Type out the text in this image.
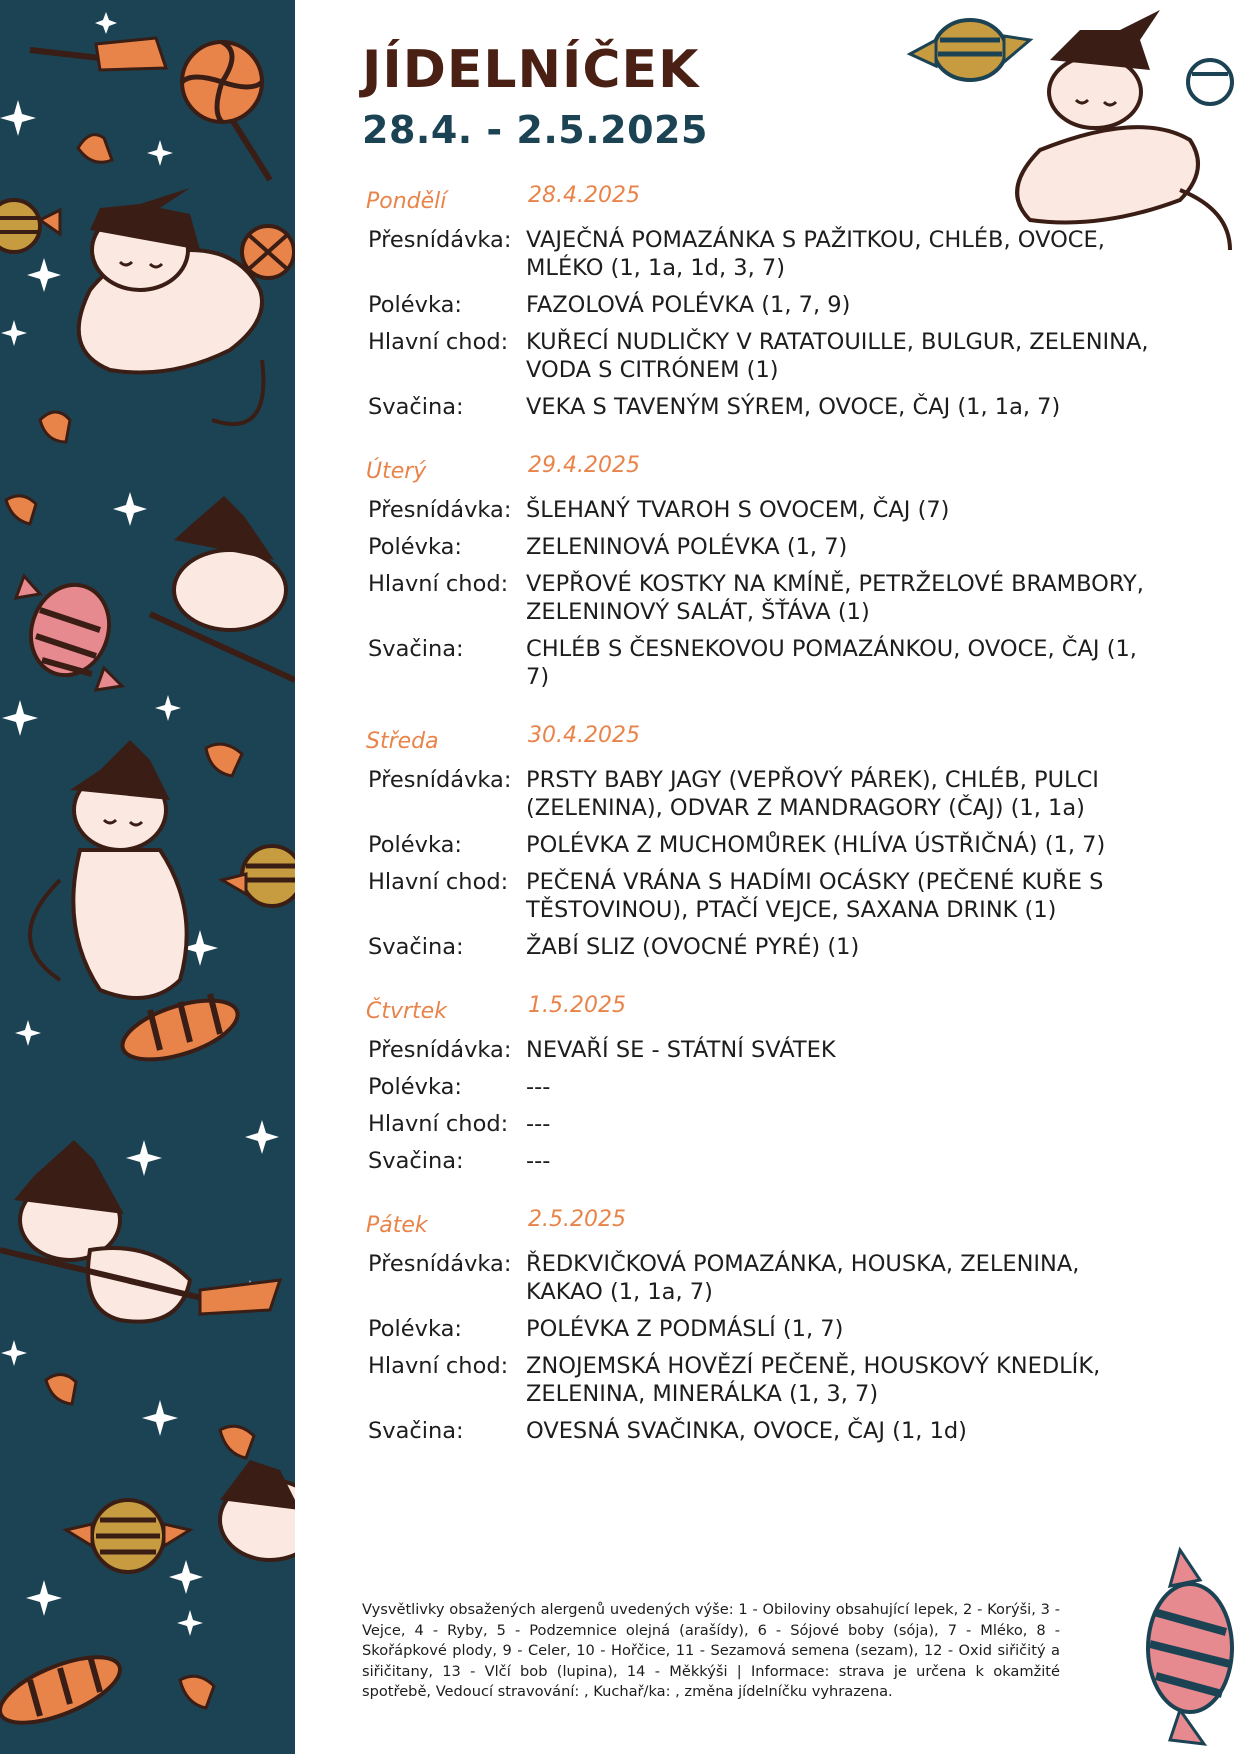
JÍDELNÍČEK
28.4. - 2.5.2025
Pondělí	28.4.2025
Přesnídávka: VAJEČNÁ POMAZÁNKA S PAŽITKOU, CHLÉB, OVOCE, MLÉKO (1, 1a, 1d, 3, 7)
Polévka:	FAZOLOVÁ POLÉVKA (1, 7, 9)
Hlavní chod: KUŘECÍ NUDLIČKY V RATATOUILLE, BULGUR, ZELENINA, VODA S CITRÓNEM (1)
Svačina:	VEKA S TAVENÝM SÝREM, OVOCE, ČAJ (1, 1a, 7)
Úterý	29.4.2025
Přesnídávka: ŠLEHANÝ TVAROH S OVOCEM, ČAJ (7)
Polévka:	ZELENINOVÁ POLÉVKA (1, 7)
Hlavní chod: VEPŘOVÉ KOSTKY NA KMÍNĚ, PETRŽELOVÉ BRAMBORY, ZELENINOVÝ SALÁT, ŠŤÁVA (1)
Svačina:	CHLÉB S ČESNEKOVOU POMAZÁNKOU, OVOCE, ČAJ (1, 7)
Středa	30.4.2025
Přesnídávka: PRSTY BABY JAGY (VEPŘOVÝ PÁREK), CHLÉB, PULCI (ZELENINA), ODVAR Z MANDRAGORY (ČAJ) (1, 1a)
Polévka:	POLÉVKA Z MUCHOMŮREK (HLÍVA ÚSTŘIČNÁ) (1, 7)
Hlavní chod: PEČENÁ VRÁNA S HADÍMI OCÁSKY (PEČENÉ KUŘE S TĚSTOVINOU), PTAČÍ VEJCE, SAXANA DRINK (1)
Svačina:	ŽABÍ SLIZ (OVOCNÉ PYRÉ) (1)
Čtvrtek	1.5.2025
Přesnídávka: NEVAŘÍ SE - STÁTNÍ SVÁTEK
Polévka:	---
Hlavní chod: ---
Svačina:	---
Pátek	2.5.2025
Přesnídávka: ŘEDKVIČKOVÁ POMAZÁNKA, HOUSKA, ZELENINA, KAKAO (1, 1a, 7)
Polévka:	POLÉVKA Z PODMÁSLÍ (1, 7)
Hlavní chod: ZNOJEMSKÁ HOVĚZÍ PEČENĚ, HOUSKOVÝ KNEDLÍK, ZELENINA, MINERÁLKA (1, 3, 7)
Svačina:	OVESNÁ SVAČINKA, OVOCE, ČAJ (1, 1d)
Vysvětlivky obsažených alergenů uvedených výše: 1 - Obiloviny obsahující lepek, 2 - Korýši, 3 - Vejce, 4 - Ryby, 5 - Podzemnice olejná (arašídy), 6 - Sójové boby (sója), 7 - Mléko, 8 - Skořápkové plody, 9 - Celer, 10 - Hořčice, 11 - Sezamová semena (sezam), 12 - Oxid siřičitý a siřičitany, 13 - Vlčí bob (lupina), 14 - Měkkýši | Informace: strava je určena k okamžité spotřebě, Vedoucí stravování: , Kuchař/ka: , změna jídelníčku vyhrazena.
